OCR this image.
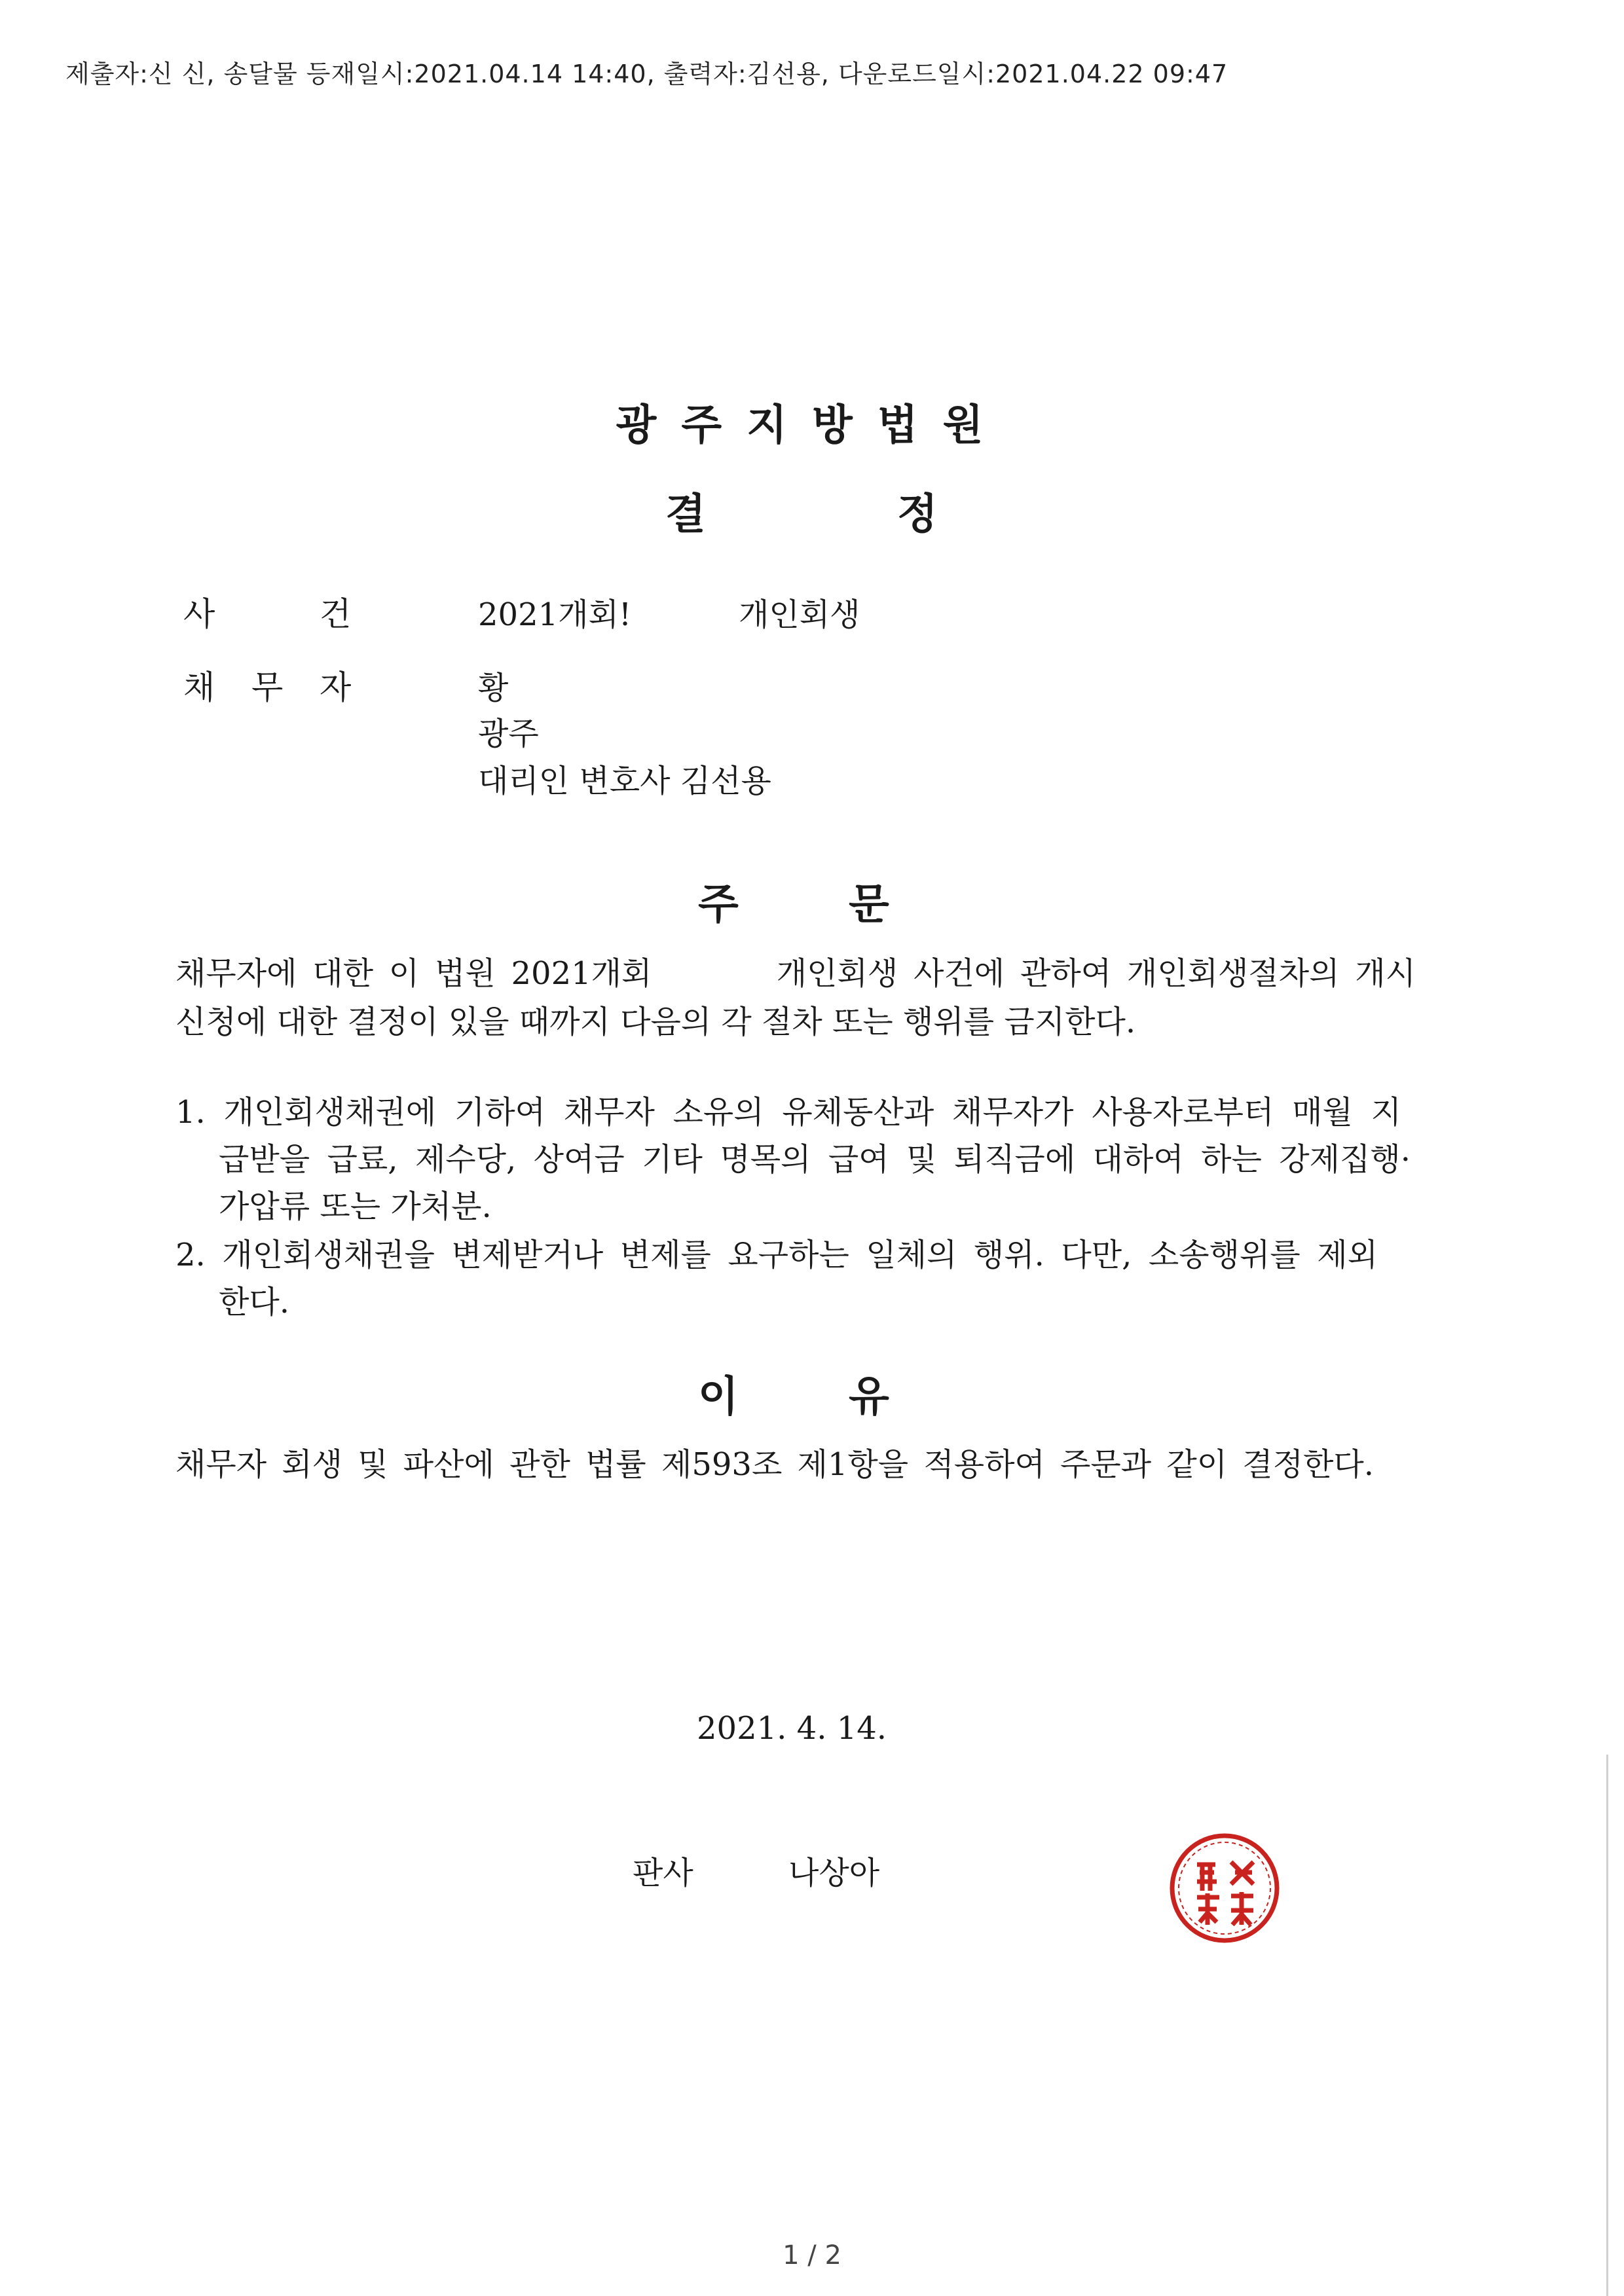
제출자:신 신, 송달물 등재일시:2021.04.14 14:40, 출력자:김선용, 다운로드일시:2021.04.22 09:47
광주지방법원
결	정
사	건	2021개회!	개인회생
채 무 자	황
광주
대리인 변호사 김선용
주	문
채무자에 대한 이 법원 2021개회        개인회생 사건에 관하여 개인회생절차의 개시
신청에 대한 결정이 있을 때까지 다음의 각 절차 또는 행위를 금지한다.
1. 개인회생채권에 기하여 채무자 소유의 유체동산과 채무자가 사용자로부터 매월 지
급받을 급료, 제수당, 상여금 기타 명목의 급여 및 퇴직금에 대하여 하는 강제집행·
가압류 또는 가처분.
2. 개인회생채권을 변제받거나 변제를 요구하는 일체의 행위. 다만, 소송행위를 제외
한다.
이	유
채무자 회생 및 파산에 관한 법률 제593조 제1항을 적용하여 주문과 같이 결정한다.
2021. 4. 14.
판사	나상아
1 / 2
